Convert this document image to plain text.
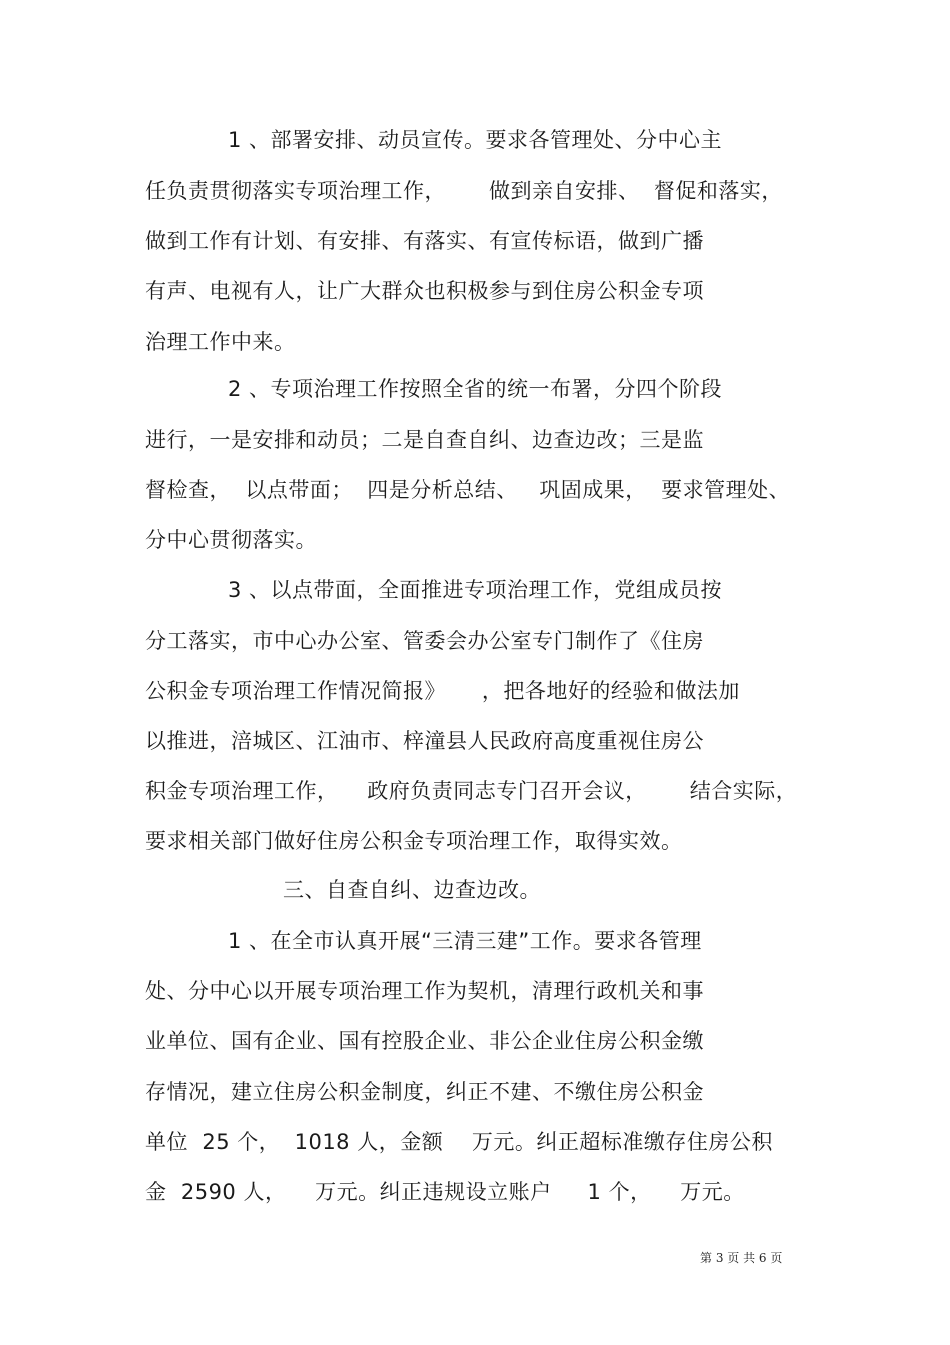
1 、部署安排、动员宣传。要求各管理处、分中心主
任负责贯彻落实专项治理工作，      做到亲自安排、  督促和落实，
做到工作有计划、有安排、有落实、有宣传标语，做到广播
有声、电视有人，让广大群众也积极参与到住房公积金专项
治理工作中来。
2 、专项治理工作按照全省的统一布署，分四个阶段
进行，一是安排和动员；二是自查自纠、边查边改；三是监
督检查，  以点带面；  四是分析总结、   巩固成果，  要求管理处、
分中心贯彻落实。
3 、以点带面，全面推进专项治理工作，党组成员按
分工落实，市中心办公室、管委会办公室专门制作了《住房
公积金专项治理工作情况简报》     ，把各地好的经验和做法加
以推进，涪城区、江油市、梓潼县人民政府高度重视住房公
积金专项治理工作，    政府负责同志专门召开会议，      结合实际，
要求相关部门做好住房公积金专项治理工作，取得实效。
三、自查自纠、边查边改。
1 、在全市认真开展“三清三建”工作。要求各管理
处、分中心以开展专项治理工作为契机，清理行政机关和事
业单位、国有企业、国有控股企业、非公企业住房公积金缴
存情况，建立住房公积金制度，纠正不建、不缴住房公积金
单位  25 个，  1018 人，金额    万元。纠正超标准缴存住房公积
金  2590 人，    万元。纠正违规设立账户     1 个，    万元。
第 3 页 共 6 页
